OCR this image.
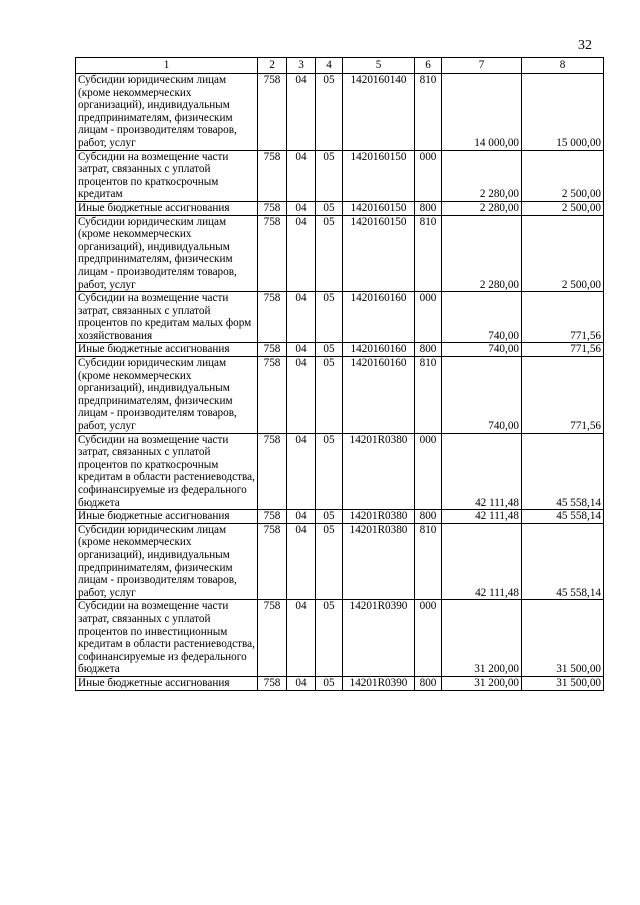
32
1	2	3	4	5	6	7	8
Субсидии юридическим лицам (кроме некоммерческих организаций), индивидуальным предпринимателям, физическим лицам - производителям товаров, работ, услуг	758	04	05	1420160140	810	14 000,00	15 000,00
Субсидии на возмещение части затрат, связанных с уплатой процентов по краткосрочным кредитам	758	04	05	1420160150	000	2 280,00	2 500,00
Иные бюджетные ассигнования	758	04	05	1420160150	800	2 280,00	2 500,00
Субсидии юридическим лицам (кроме некоммерческих организаций), индивидуальным предпринимателям, физическим лицам - производителям товаров, работ, услуг	758	04	05	1420160150	810	2 280,00	2 500,00
Субсидии на возмещение части затрат, связанных с уплатой процентов по кредитам малых форм хозяйствования	758	04	05	1420160160	000	740,00	771,56
Иные бюджетные ассигнования	758	04	05	1420160160	800	740,00	771,56
Субсидии юридическим лицам (кроме некоммерческих организаций), индивидуальным предпринимателям, физическим лицам - производителям товаров, работ, услуг	758	04	05	1420160160	810	740,00	771,56
Субсидии на возмещение части затрат, связанных с уплатой процентов по краткосрочным кредитам в области растениеводства, софинансируемые из федерального бюджета	758	04	05	14201R0380	000	42 111,48	45 558,14
Иные бюджетные ассигнования	758	04	05	14201R0380	800	42 111,48	45 558,14
Субсидии юридическим лицам (кроме некоммерческих организаций), индивидуальным предпринимателям, физическим лицам - производителям товаров, работ, услуг	758	04	05	14201R0380	810	42 111,48	45 558,14
Субсидии на возмещение части затрат, связанных с уплатой процентов по инвестиционным кредитам в области растениеводства, софинансируемые из федерального бюджета	758	04	05	14201R0390	000	31 200,00	31 500,00
Иные бюджетные ассигнования	758	04	05	14201R0390	800	31 200,00	31 500,00
